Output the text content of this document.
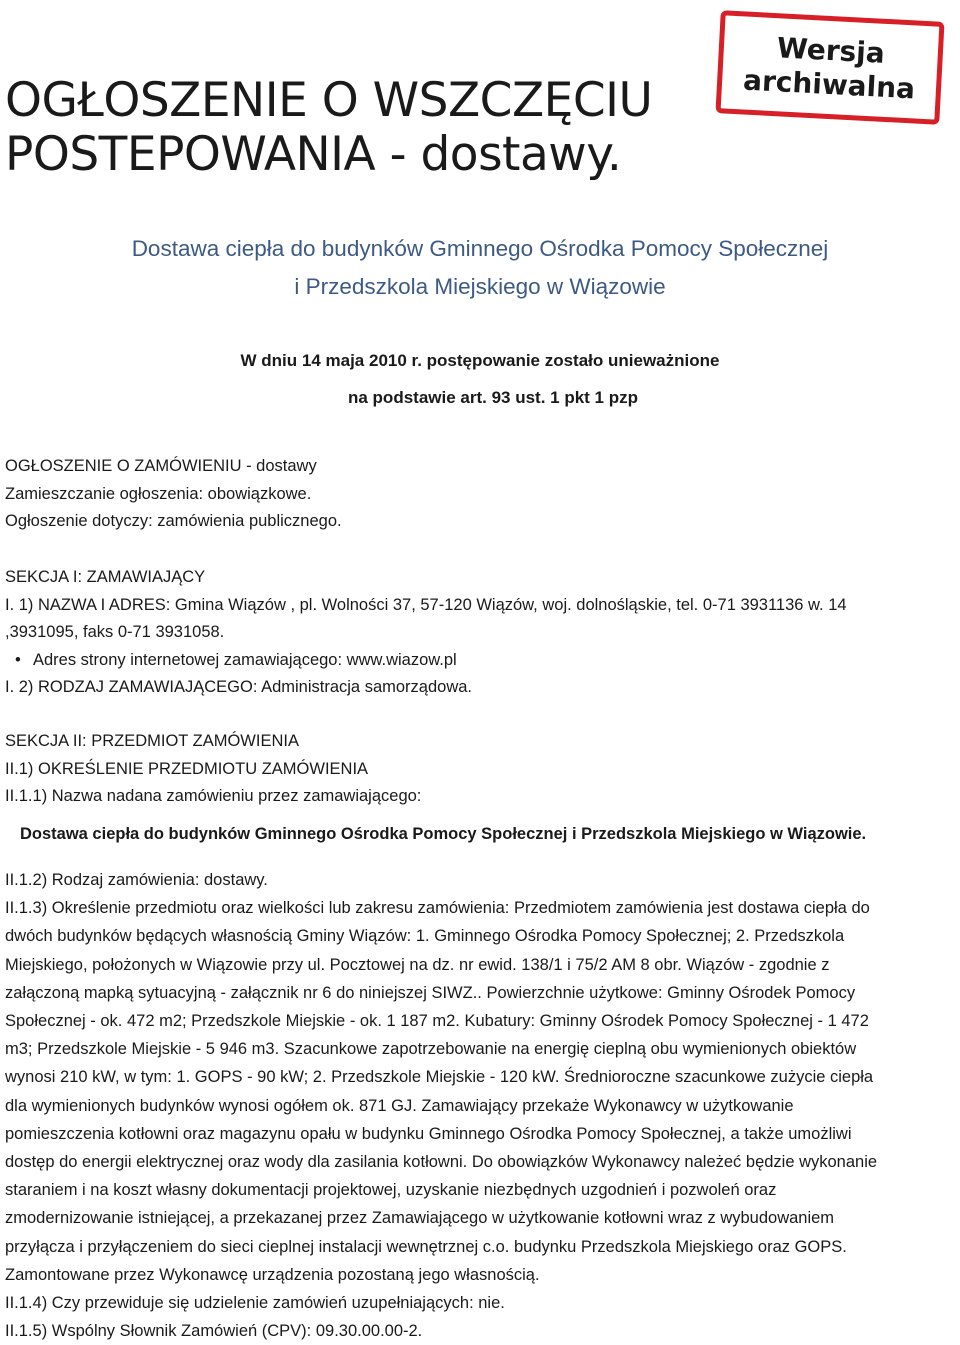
OGŁOSZENIE O WSZCZĘCIU
POSTEPOWANIA - dostawy.
Wersja
archiwalna
Dostawa ciepła do budynków Gminnego Ośrodka Pomocy Społecznej
i Przedszkola Miejskiego w Wiązowie
W dniu 14 maja 2010 r. postępowanie zostało unieważnione
na podstawie art. 93 ust. 1 pkt 1 pzp
OGŁOSZENIE O ZAMÓWIENIU - dostawy
Zamieszczanie ogłoszenia: obowiązkowe.
Ogłoszenie dotyczy: zamówienia publicznego.
SEKCJA I: ZAMAWIAJĄCY
I. 1) NAZWA I ADRES: Gmina Wiązów , pl. Wolności 37, 57-120 Wiązów, woj. dolnośląskie, tel. 0-71 3931136 w. 14
,3931095, faks 0-71 3931058.
• Adres strony internetowej zamawiającego: www.wiazow.pl
I. 2) RODZAJ ZAMAWIAJĄCEGO: Administracja samorządowa.
SEKCJA II: PRZEDMIOT ZAMÓWIENIA
II.1) OKREŚLENIE PRZEDMIOTU ZAMÓWIENIA
II.1.1) Nazwa nadana zamówieniu przez zamawiającego:
Dostawa ciepła do budynków Gminnego Ośrodka Pomocy Społecznej i Przedszkola Miejskiego w Wiązowie.
II.1.2) Rodzaj zamówienia: dostawy.
II.1.3) Określenie przedmiotu oraz wielkości lub zakresu zamówienia: Przedmiotem zamówienia jest dostawa ciepła do
dwóch budynków będących własnością Gminy Wiązów: 1. Gminnego Ośrodka Pomocy Społecznej; 2. Przedszkola
Miejskiego, położonych w Wiązowie przy ul. Pocztowej na dz. nr ewid. 138/1 i 75/2 AM 8 obr. Wiązów - zgodnie z
załączoną mapką sytuacyjną - załącznik nr 6 do niniejszej SIWZ.. Powierzchnie użytkowe: Gminny Ośrodek Pomocy
Społecznej - ok. 472 m2; Przedszkole Miejskie - ok. 1 187 m2. Kubatury: Gminny Ośrodek Pomocy Społecznej - 1 472
m3; Przedszkole Miejskie - 5 946 m3. Szacunkowe zapotrzebowanie na energię cieplną obu wymienionych obiektów
wynosi 210 kW, w tym: 1. GOPS - 90 kW; 2. Przedszkole Miejskie - 120 kW. Średnioroczne szacunkowe zużycie ciepła
dla wymienionych budynków wynosi ogółem ok. 871 GJ. Zamawiający przekaże Wykonawcy w użytkowanie
pomieszczenia kotłowni oraz magazynu opału w budynku Gminnego Ośrodka Pomocy Społecznej, a także umożliwi
dostęp do energii elektrycznej oraz wody dla zasilania kotłowni. Do obowiązków Wykonawcy należeć będzie wykonanie
staraniem i na koszt własny dokumentacji projektowej, uzyskanie niezbędnych uzgodnień i pozwoleń oraz
zmodernizowanie istniejącej, a przekazanej przez Zamawiającego w użytkowanie kotłowni wraz z wybudowaniem
przyłącza i przyłączeniem do sieci cieplnej instalacji wewnętrznej c.o. budynku Przedszkola Miejskiego oraz GOPS.
Zamontowane przez Wykonawcę urządzenia pozostaną jego własnością.
II.1.4) Czy przewiduje się udzielenie zamówień uzupełniających: nie.
II.1.5) Wspólny Słownik Zamówień (CPV): 09.30.00.00-2.
